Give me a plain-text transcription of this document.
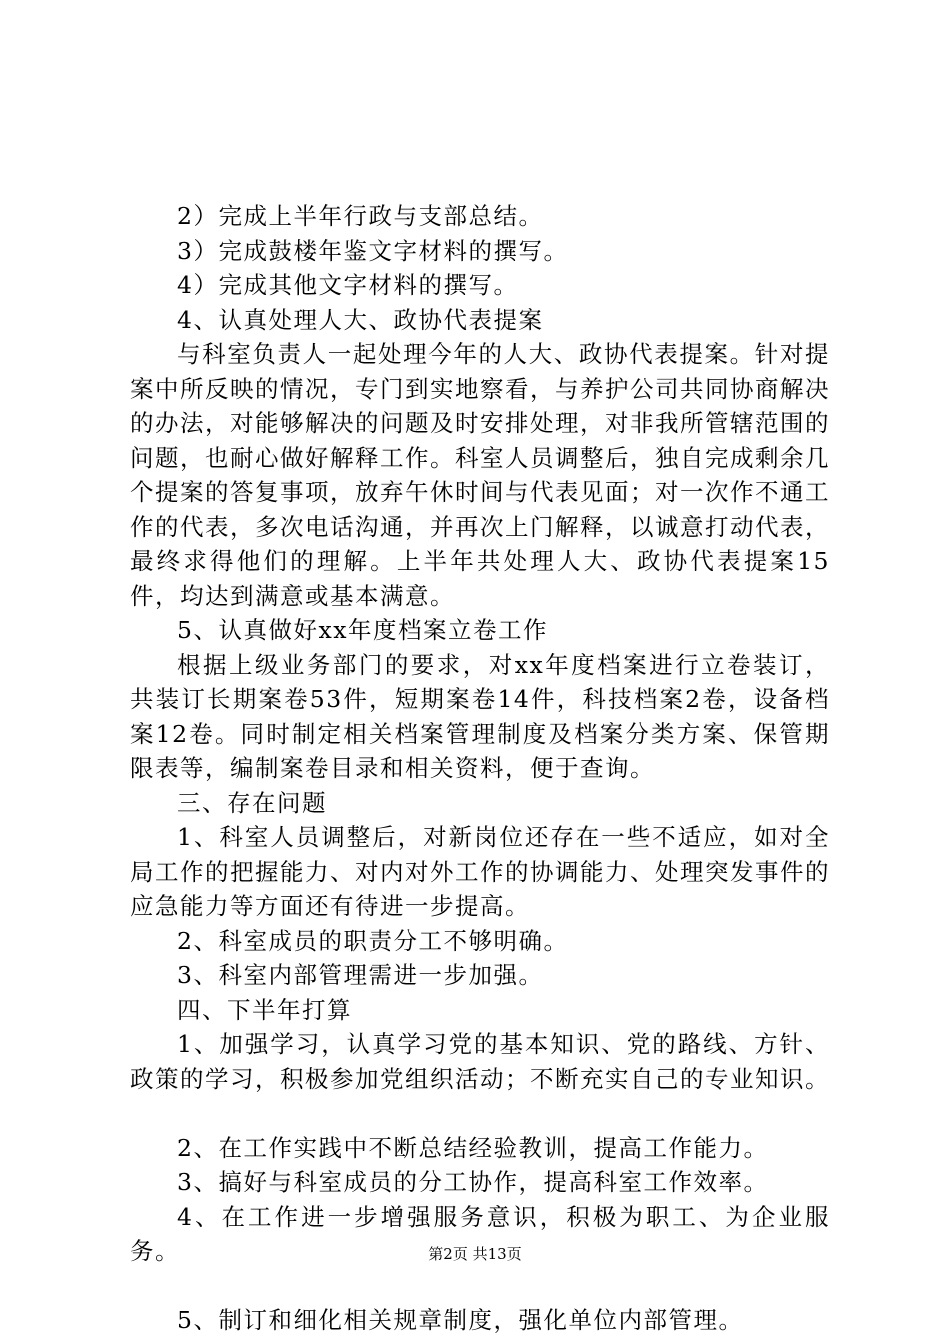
2）完成上半年行政与支部总结。

3）完成鼓楼年鉴文字材料的撰写。

4）完成其他文字材料的撰写。

4、认真处理人大、政协代表提案

与科室负责人一起处理今年的人大、政协代表提案。针对提案中所反映的情况，专门到实地察看，与养护公司共同协商解决的办法，对能够解决的问题及时安排处理，对非我所管辖范围的问题，也耐心做好解释工作。科室人员调整后，独自完成剩余几个提案的答复事项，放弃午休时间与代表见面；对一次作不通工作的代表，多次电话沟通，并再次上门解释，以诚意打动代表，最终求得他们的理解。上半年共处理人大、政协代表提案15件，均达到满意或基本满意。

5、认真做好xx年度档案立卷工作

根据上级业务部门的要求，对xx年度档案进行立卷装订，共装订长期案卷53件，短期案卷14件，科技档案2卷，设备档案12卷。同时制定相关档案管理制度及档案分类方案、保管期限表等，编制案卷目录和相关资料，便于查询。

三、存在问题

1、科室人员调整后，对新岗位还存在一些不适应，如对全局工作的把握能力、对内对外工作的协调能力、处理突发事件的应急能力等方面还有待进一步提高。

2、科室成员的职责分工不够明确。

3、科室内部管理需进一步加强。

四、下半年打算

1、加强学习，认真学习党的基本知识、党的路线、方针、政策的学习，积极参加党组织活动；不断充实自己的专业知识。

2、在工作实践中不断总结经验教训，提高工作能力。

3、搞好与科室成员的分工协作，提高科室工作效率。

4、在工作进一步增强服务意识，积极为职工、为企业服务。

5、制订和细化相关规章制度，强化单位内部管理。

第2页 共13页
